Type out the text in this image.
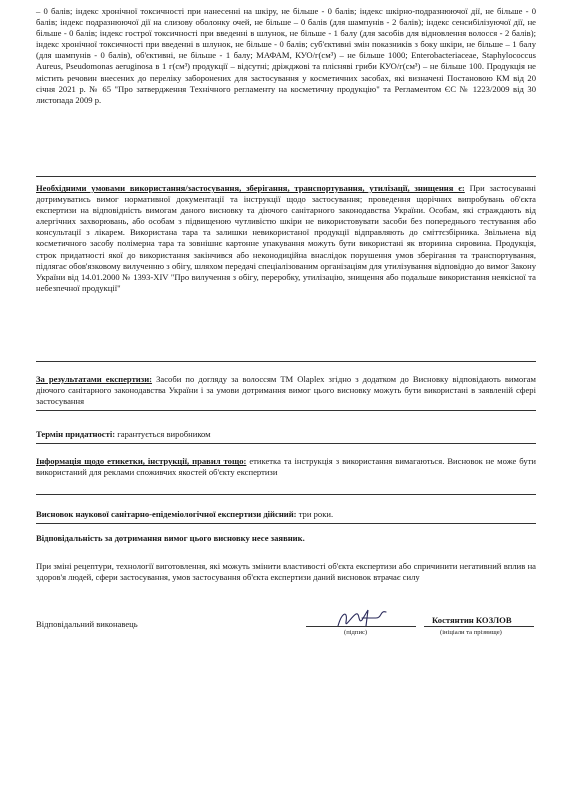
– 0 балів; індекс хронічної токсичності при нанесенні на шкіру, не більше - 0 балів; індекс шкірно-подразнюючої дії, не більше - 0 балів; індекс подразнюючої дії на слизову оболонку очей, не більше – 0 балів (для шампунів - 2 балів); індекс сенсибілізуючої дії, не більше - 0 балів; індекс гострої токсичності при введенні в шлунок, не більше - 1 балу (для засобів для відновлення волосся - 2 балів); індекс хронічної токсичності при введенні в шлунок, не більше - 0 балів; суб'єктивні змін показників з боку шкіри, не більше – 1 балу (для шампунів - 0 балів), об'єктивні, не більше - 1 балу; МАФАМ, КУО/г(см³) – не більше 1000; Enterobacteriaceae, Staphylococcus Aureus, Pseudomonas aeruginosa в 1 г(см³) продукції – відсутні; дріжджові та плісняві гриби КУО/г(см³) – не більше 100. Продукція не містить речовин внесених до переліку заборонених для застосування у косметичних засобах, які визначені Постановою КМ від 20 січня 2021 р. № 65 "Про затвердження Технічного регламенту на косметичну продукцію" та Регламентом ЄС № 1223/2009 від 30 листопада 2009 р.

Необхідними умовами використання/застосування, зберігання, транспортування, утилізації, знищення є: При застосуванні дотримуватись вимог нормативної документації та інструкції щодо застосування; проведення щорічних випробувань об'єкта експертизи на відповідність вимогам даного висновку та діючого санітарного законодавства України. Особам, які страждають від алергічних захворювань, або особам з підвищеною чутливістю шкіри не використовувати засоби без попереднього тестування або консультації з лікарем. Використана тара та залишки невикористаної продукції відправляють до сміттєзбірника. Звільнена від косметичного засобу полімерна тара та зовнішнє картонне упакування можуть бути використані як вторинна сировина. Продукція, строк придатності якої до використання закінчився або неконодиційна внаслідок порушення умов зберігання та транспортування, підлягає обов'язковому вилученню з обігу, шляхом передачі спеціалізованим організаціям для утилізування відповідно до вимог Закону України від 14.01.2000 № 1393-XIV "Про вилучення з обігу, переробку, утилізацію, знищення або подальше використання неякісної та небезпечної продукції"

За результатами експертизи: Засоби по догляду за волоссям ТМ Olaplex згідно з додатком до Висновку відповідають вимогам діючого санітарного законодавства України і за умови дотримання вимог цього висновку можуть бути використані в заявленій сфері застосування

Термін придатності: гарантується виробником

Інформація щодо етикетки, інструкції, правил тощо: етикетка та інструкція з використання вимагаються. Висновок не може бути використаний для реклами споживчих якостей об'єкту експертизи

Висновок наукової санітарно-епідеміологічної експертизи дійсний: три роки.

Відповідальність за дотримання вимог цього висновку несе заявник.

При зміні рецептури, технології виготовлення, які можуть змінити властивості об'єкта експертизи або спричинити негативний вплив на здоров'я людей, сфери застосування, умов застосування об'єкта експертизи даний висновок втрачає силу

Відповідальний виконавець
(підпис)
Костянтин КОЗЛОВ
(ініціали та прізвище)
